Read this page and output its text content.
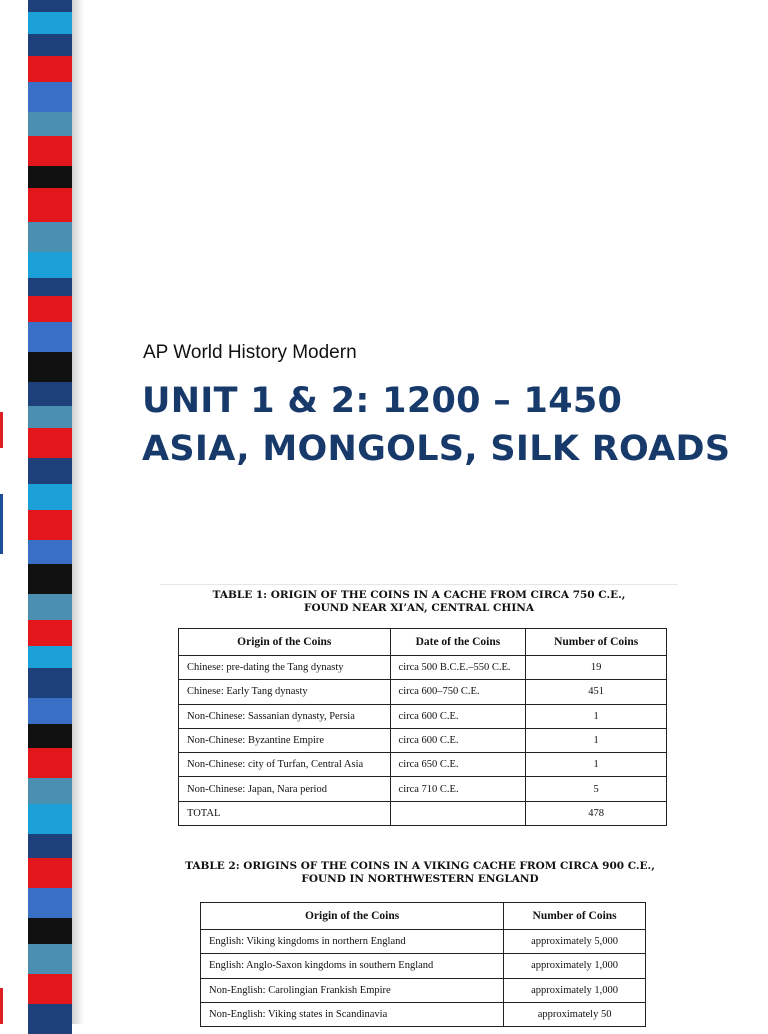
AP World History Modern
UNIT 1 & 2: 1200 – 1450
ASIA, MONGOLS, SILK ROADS
TABLE 1: ORIGIN OF THE COINS IN A CACHE FROM CIRCA 750 C.E.,
FOUND NEAR XI’AN, CENTRAL CHINA
Origin of the Coins	Date of the Coins	Number of Coins
Chinese: pre-dating the Tang dynasty	circa 500 B.C.E.–550 C.E.	19
Chinese: Early Tang dynasty	circa 600–750 C.E.	451
Non-Chinese: Sassanian dynasty, Persia	circa 600 C.E.	1
Non-Chinese: Byzantine Empire	circa 600 C.E.	1
Non-Chinese: city of Turfan, Central Asia	circa 650 C.E.	1
Non-Chinese: Japan, Nara period	circa 710 C.E.	5
TOTAL		478
TABLE 2: ORIGINS OF THE COINS IN A VIKING CACHE FROM CIRCA 900 C.E.,
FOUND IN NORTHWESTERN ENGLAND
Origin of the Coins	Number of Coins
English: Viking kingdoms in northern England	approximately 5,000
English: Anglo-Saxon kingdoms in southern England	approximately 1,000
Non-English: Carolingian Frankish Empire	approximately 1,000
Non-English: Viking states in Scandinavia	approximately 50
